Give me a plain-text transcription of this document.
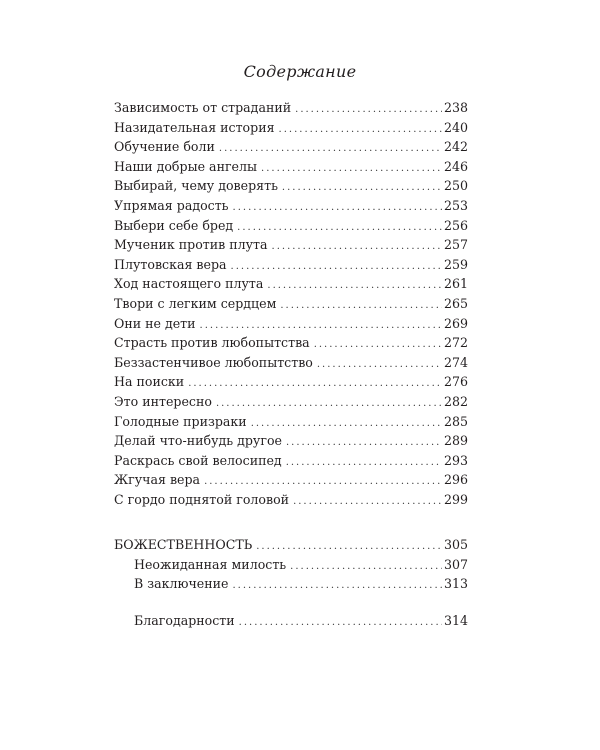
Содержание
Зависимость от страданий .....	238
Назидательная история .....	240
Обучение боли .....	242
Наши добрые ангелы .....	246
Выбирай, чему доверять .....	250
Упрямая радость .....	253
Выбери себе бред .....	256
Мученик против плута .....	257
Плутовская вера .....	259
Ход настоящего плута .....	261
Твори с легким сердцем .....	265
Они не дети .....	269
Страсть против любопытства .....	272
Беззастенчивое любопытство .....	274
На поиски .....	276
Это интересно .....	282
Голодные призраки .....	285
Делай что-нибудь другое .....	289
Раскрась свой велосипед .....	293
Жгучая вера .....	296
С гордо поднятой головой .....	299
БОЖЕСТВЕННОСТЬ .....	305
Неожиданная милость .....	307
В заключение .....	313
Благодарности .....	314
